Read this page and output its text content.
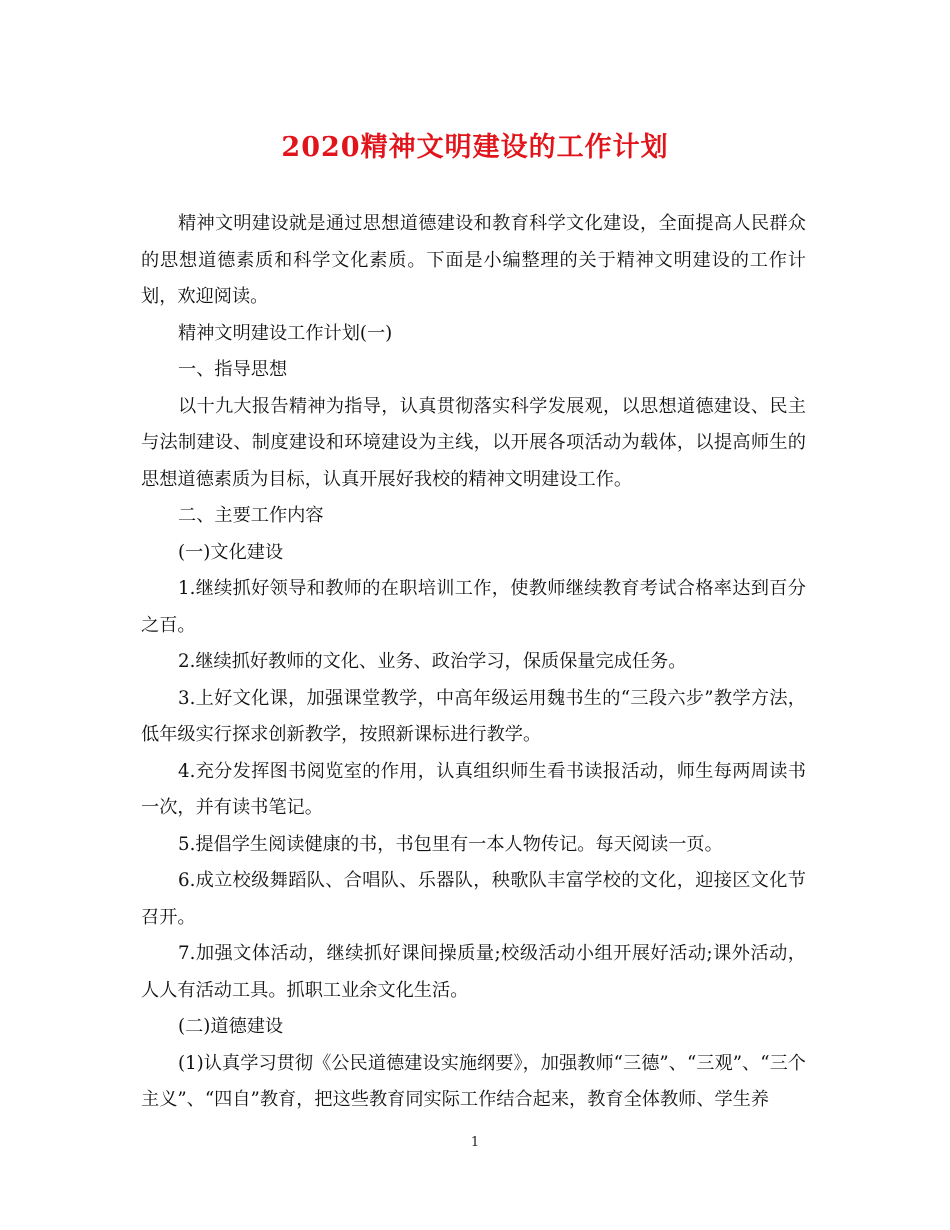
2020精神文明建设的工作计划

精神文明建设就是通过思想道德建设和教育科学文化建设，全面提高人民群众的思想道德素质和科学文化素质。下面是小编整理的关于精神文明建设的工作计划，欢迎阅读。

精神文明建设工作计划(一)

一、指导思想

以十九大报告精神为指导，认真贯彻落实科学发展观，以思想道德建设、民主与法制建设、制度建设和环境建设为主线，以开展各项活动为载体，以提高师生的思想道德素质为目标，认真开展好我校的精神文明建设工作。

二、主要工作内容

(一)文化建设

1.继续抓好领导和教师的在职培训工作，使教师继续教育考试合格率达到百分之百。

2.继续抓好教师的文化、业务、政治学习，保质保量完成任务。

3.上好文化课，加强课堂教学，中高年级运用魏书生的“三段六步”教学方法，低年级实行探求创新教学，按照新课标进行教学。

4.充分发挥图书阅览室的作用，认真组织师生看书读报活动，师生每两周读书一次，并有读书笔记。

5.提倡学生阅读健康的书，书包里有一本人物传记。每天阅读一页。

6.成立校级舞蹈队、合唱队、乐器队，秧歌队丰富学校的文化，迎接区文化节召开。

7.加强文体活动，继续抓好课间操质量;校级活动小组开展好活动;课外活动，人人有活动工具。抓职工业余文化生活。

(二)道德建设

(1)认真学习贯彻《公民道德建设实施纲要》，加强教师“三德”、“三观”、“三个主义”、“四自”教育，把这些教育同实际工作结合起来，教育全体教师、学生养

1
